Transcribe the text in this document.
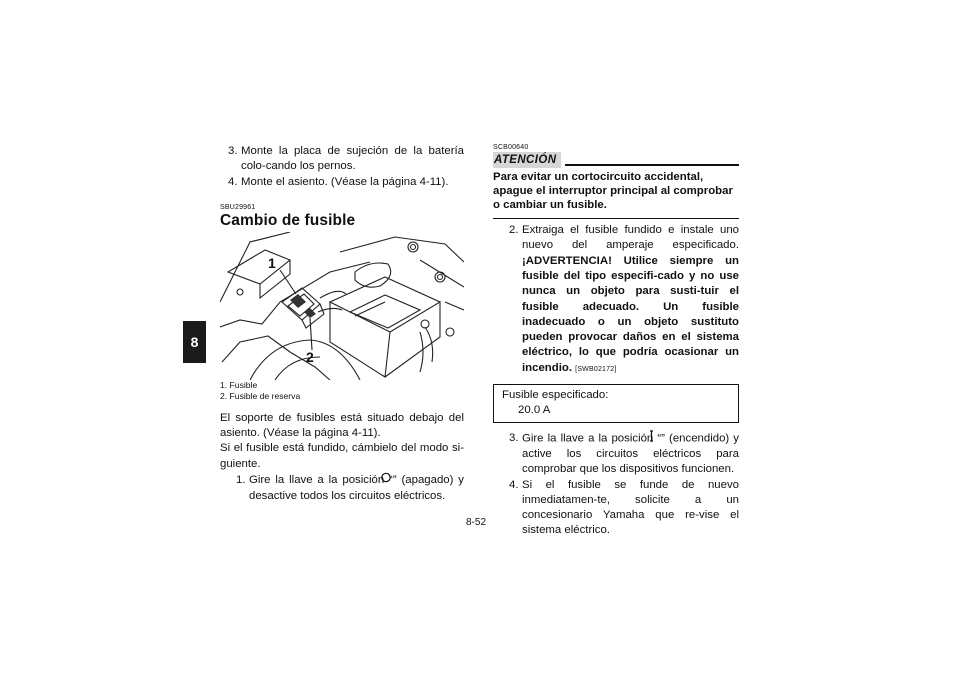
8
3. Monte la placa de sujeción de la batería colo-cando los pernos.
4. Monte el asiento. (Véase la página 4-11).
SBU29961
Cambio de fusible
1
2

1. Fusible

2. Fusible de reserva

El soporte de fusibles está situado debajo del asiento. (Véase la página 4-11).

Si el fusible está fundido, cámbielo del modo si-guiente.

1. Gire la llave a la posición “” (apagado) y desactive todos los circuitos eléctricos.
SCB00640
ATENCIÓN

Para evitar un cortocircuito accidental, apague el interruptor principal al comprobar o cambiar un fusible.

2. Extraiga el fusible fundido e instale uno nuevo del amperaje especificado. ¡ADVERTENCIA! Utilice siempre un fusible del tipo especifi-cado y no use nunca un objeto para susti-tuir el fusible adecuado. Un fusible inadecuado o un objeto sustituto pueden provocar daños en el sistema eléctrico, lo que podría ocasionar un incendio. [SWB02172]
Fusible especificado:
20.0 A
3. Gire la llave a la posición “” (encendido) y active los circuitos eléctricos para comprobar que los dispositivos funcionen.
4. Si el fusible se funde de nuevo inmediatamen-te, solicite a un concesionario Yamaha que re-vise el sistema eléctrico.
8-52
